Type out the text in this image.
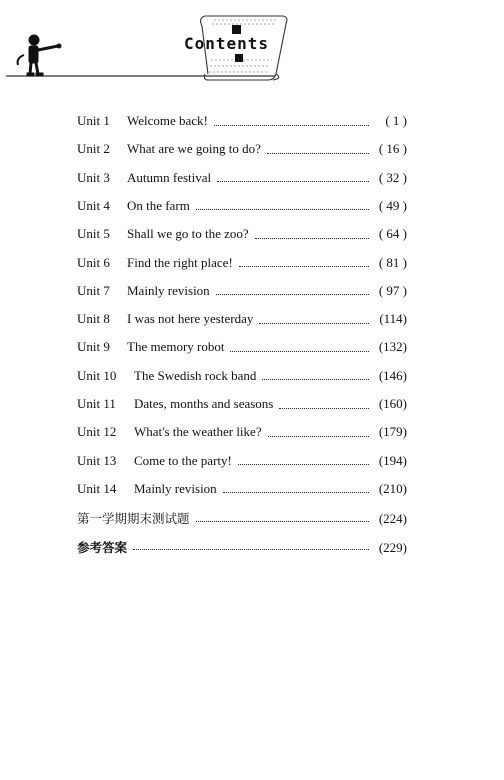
Contents
Unit 1	Welcome back!	( 1 )
Unit 2	What are we going to do?	( 16 )
Unit 3	Autumn festival	( 32 )
Unit 4	On the farm	( 49 )
Unit 5	Shall we go to the zoo?	( 64 )
Unit 6	Find the right place!	( 81 )
Unit 7	Mainly revision	( 97 )
Unit 8	I was not here yesterday	(114)
Unit 9	The memory robot	(132)
Unit 10	The Swedish rock band	(146)
Unit 11	Dates, months and seasons	(160)
Unit 12	What's the weather like?	(179)
Unit 13	Come to the party!	(194)
Unit 14	Mainly revision	(210)
第一学期期末测试题	(224)
参考答案	(229)
